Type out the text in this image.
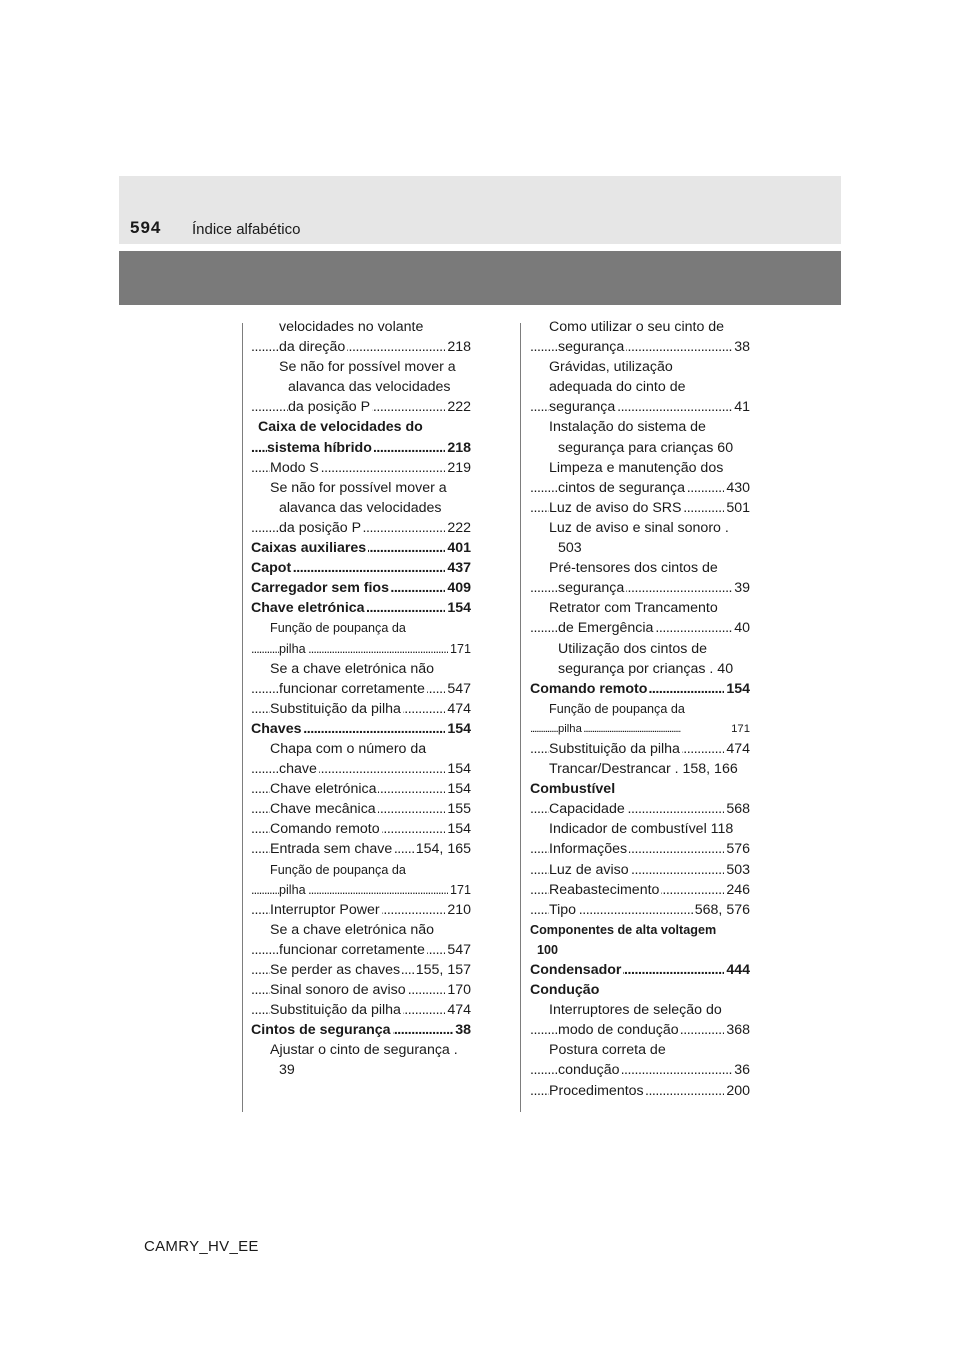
594 Índice alfabético
velocidades no volante
. . . da direção	218
Se não for possível mover a
alavanca das velocidades
. . . da posição P	222
Caixa de velocidades do
. . . sistema híbrido	218
. . . Modo S	219
Se não for possível mover a
alavanca das velocidades
. . . da posição P	222
. . . Caixas auxiliares	401
. . . Capot	437
. . . Carregador sem fios	409
. . . Chave eletrónica	154
Função de poupança da
. . . pilha	171
Se a chave eletrónica não
. . . funcionar corretamente 547
. . . Substituição da pilha	474
. . . Chaves	154
Chapa com o número da
. . . chave	154
. . . Chave eletrónica	154
. . . Chave mecânica	155
. . . Comando remoto	154
. . . Entrada sem chave 154, 165
Função de poupança da
. . . pilha	171
. . . Interruptor Power	210
Se a chave eletrónica não
. . . funcionar corretamente 547
. . . Se perder as chaves 155, 157
. . . Sinal sonoro de aviso	170
. . . Substituição da pilha	474
. . . Cintos de segurança	38
Ajustar o cinto de segurança .
39
Como utilizar o seu cinto de
. . . segurança	38
Grávidas, utilização
adequada do cinto de
. . . segurança	41
Instalação do sistema de
segurança para crianças 60
Limpeza e manutenção dos
. . . cintos de segurança	430
. . . Luz de aviso do SRS	501
Luz de aviso e sinal sonoro .
503
Pré-tensores dos cintos de
. . . segurança	39
Retrator com Trancamento
. . . de Emergência	40
Utilização dos cintos de
segurança por crianças . 40
. . . Comando remoto	154
Função de poupança da
. . . pilha	171
. . . Substituição da pilha	474
Trancar/Destrancar . 158, 166
Combustível
. . . Capacidade	568
Indicador de combustível 118
. . . Informações	576
. . . Luz de aviso	503
. . . Reabastecimento	246
. . . Tipo	568, 576
Componentes de alta voltagem
100
. . . Condensador	444
Condução
Interruptores de seleção do
. . . modo de condução	368
Postura correta de
. . . condução	36
. . . Procedimentos	200
CAMRY_HV_EE
